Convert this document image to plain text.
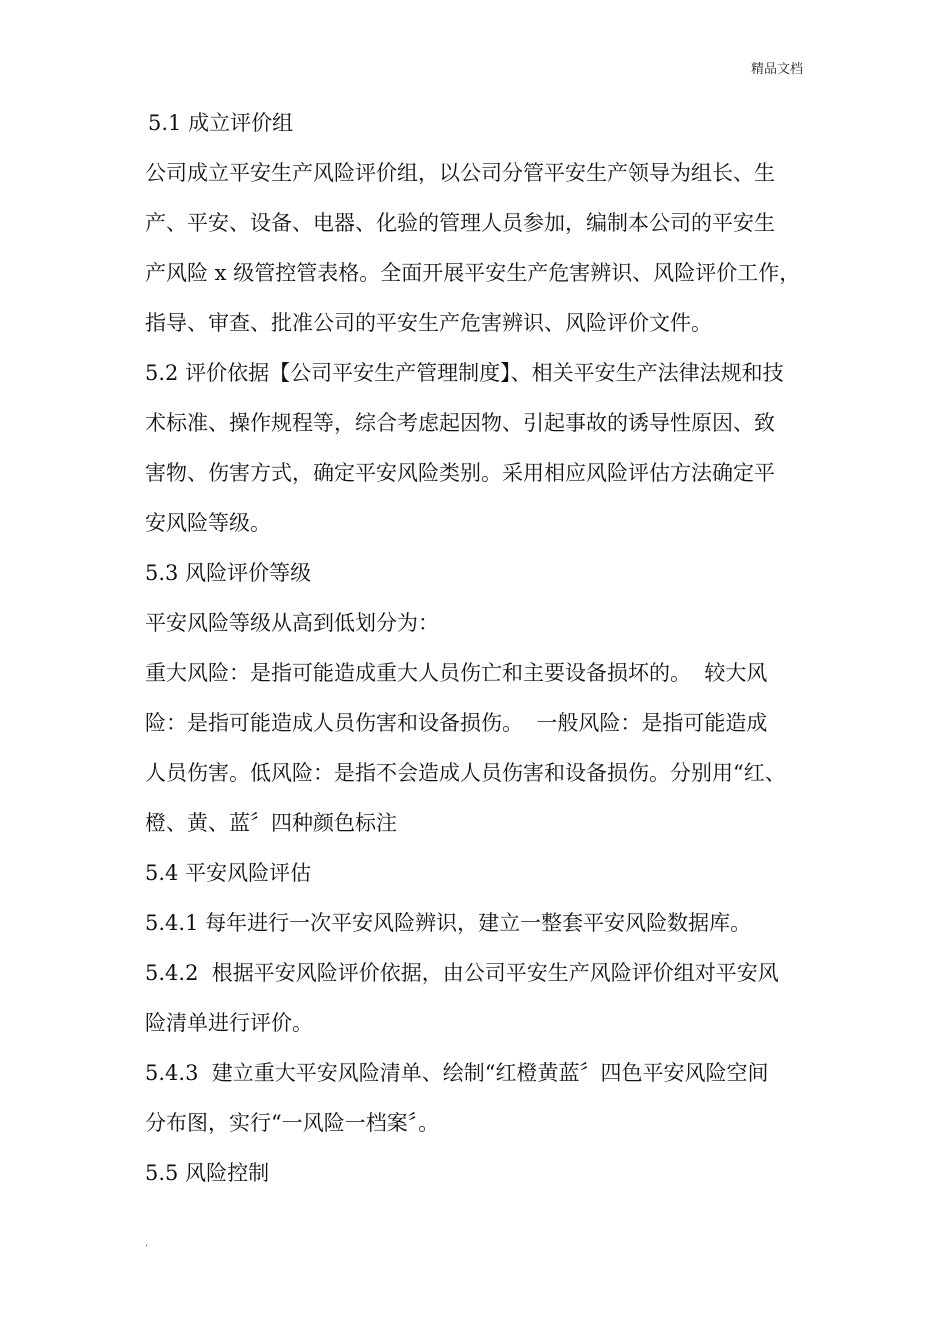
精品文档

5.1 成立评价组

公司成立平安生产风险评价组，以公司分管平安生产领导为组长、生

产、平安、设备、电器、化验的管理人员参加，编制本公司的平安生

产风险 x 级管控管表格。全面开展平安生产危害辨识、风险评价工作，

指导、审查、批准公司的平安生产危害辨识、风险评价文件。

5.2 评价依据【公司平安生产管理制度】、相关平安生产法律法规和技

术标准、操作规程等，综合考虑起因物、引起事故的诱导性原因、致

害物、伤害方式，确定平安风险类别。采用相应风险评估方法确定平

安风险等级。

5.3 风险评价等级

平安风险等级从高到低划分为：

重大风险：是指可能造成重大人员伤亡和主要设备损坏的。  较大风

险：是指可能造成人员伤害和设备损伤。  一般风险：是指可能造成

人员伤害。低风险：是指不会造成人员伤害和设备损伤。分别用“红、

橙、黄、蓝〞四种颜色标注

5.4 平安风险评估

5.4.1 每年进行一次平安风险辨识，建立一整套平安风险数据库。

5.4.2  根据平安风险评价依据，由公司平安生产风险评价组对平安风

险清单进行评价。

5.4.3  建立重大平安风险清单、绘制“红橙黄蓝〞四色平安风险空间

分布图，实行“一风险一档案〞。

5.5 风险控制

.
